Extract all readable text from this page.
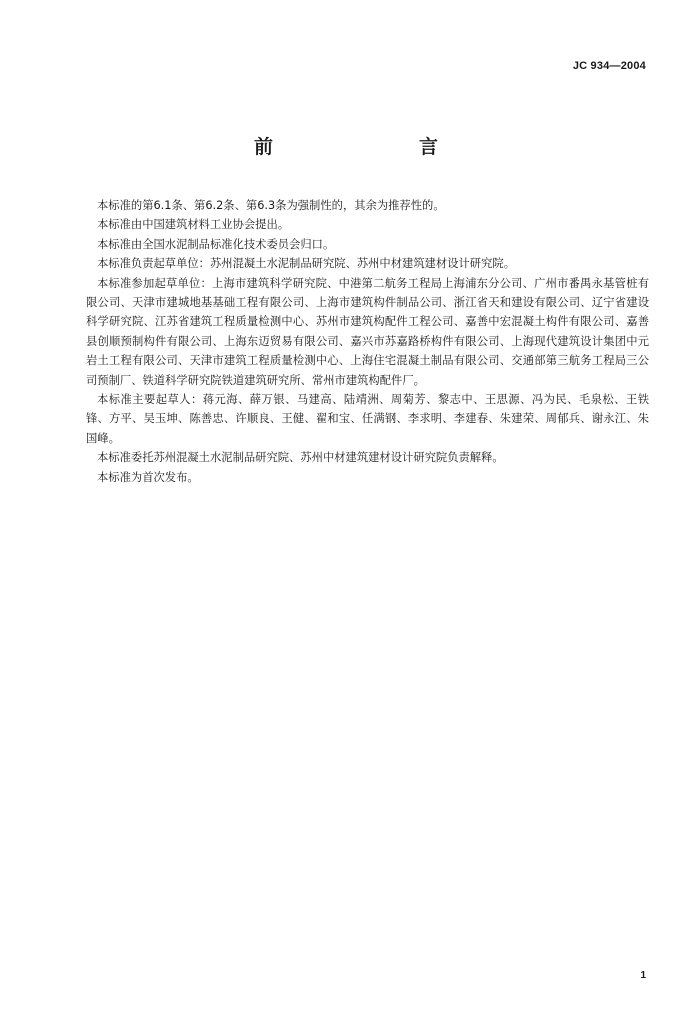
JC 934—2004
前　　言

本标准的第6.1条、第6.2条、第6.3条为强制性的，其余为推荐性的。

本标准由中国建筑材料工业协会提出。

本标准由全国水泥制品标准化技术委员会归口。

本标准负责起草单位：苏州混凝土水泥制品研究院、苏州中材建筑建材设计研究院。

本标准参加起草单位：上海市建筑科学研究院、中港第二航务工程局上海浦东分公司、广州市番禺永基管桩有限公司、天津市建城地基基础工程有限公司、上海市建筑构件制品公司、浙江省天和建设有限公司、辽宁省建设科学研究院、江苏省建筑工程质量检测中心、苏州市建筑构配件工程公司、嘉善中宏混凝土构件有限公司、嘉善县创顺预制构件有限公司、上海东迈贸易有限公司、嘉兴市苏嘉路桥构件有限公司、上海现代建筑设计集团中元岩土工程有限公司、天津市建筑工程质量检测中心、上海住宅混凝土制品有限公司、交通部第三航务工程局三公司预制厂、铁道科学研究院铁道建筑研究所、常州市建筑构配件厂。

本标准主要起草人：蒋元海、薛万银、马建高、陆靖洲、周菊芳、黎志中、王思源、冯为民、毛泉松、王铁锋、方平、吴玉坤、陈善忠、许顺良、王健、翟和宝、任满钢、李求明、李建春、朱建荣、周郁兵、谢永江、朱国峰。

本标准委托苏州混凝土水泥制品研究院、苏州中材建筑建材设计研究院负责解释。

本标准为首次发布。

1
